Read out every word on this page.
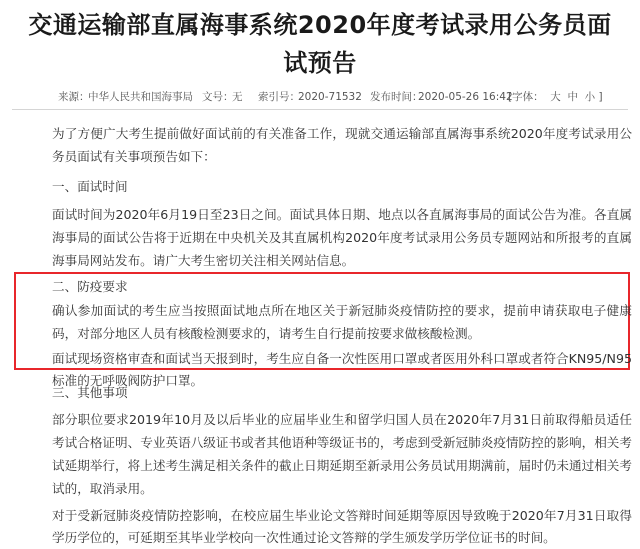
交通运输部直属海事系统2020年度考试录用公务员面
试预告
来源：
中华人民共和国海事局 文号：
无 索引号：
2020-71532 发布时间：
2020-05-26 16:42
[字体： 大 中 小 ]
为了方便广大考生提前做好面试前的有关准备工作，现就交通运输部直属海事系统2020年度考试录用公务员面试有关事项预告如下：
一、面试时间
面试时间为2020年6月19日至23日之间。面试具体日期、地点以各直属海事局的面试公告为准。各直属海事局的面试公告将于近期在中央机关及其直属机构2020年度考试录用公务员专题网站和所报考的直属海事局网站发布。请广大考生密切关注相关网站信息。
二、防疫要求
确认参加面试的考生应当按照面试地点所在地区关于新冠肺炎疫情防控的要求，提前申请获取电子健康码，对部分地区人员有核酸检测要求的，请考生自行提前按要求做核酸检测。
面试现场资格审查和面试当天报到时，考生应自备一次性医用口罩或者医用外科口罩或者符合KN95/N95标准的无呼吸阀防护口罩。
三、其他事项
部分职位要求2019年10月及以后毕业的应届毕业生和留学归国人员在2020年7月31日前取得船员适任考试合格证明、专业英语八级证书或者其他语种等级证书的，考虑到受新冠肺炎疫情防控的影响，相关考试延期举行，将上述考生满足相关条件的截止日期延期至新录用公务员试用期满前，届时仍未通过相关考试的，取消录用。
对于受新冠肺炎疫情防控影响，在校应届生毕业论文答辩时间延期等原因导致晚于2020年7月31日取得学历学位的，可延期至其毕业学校向一次性通过论文答辩的学生颁发学历学位证书的时间。
